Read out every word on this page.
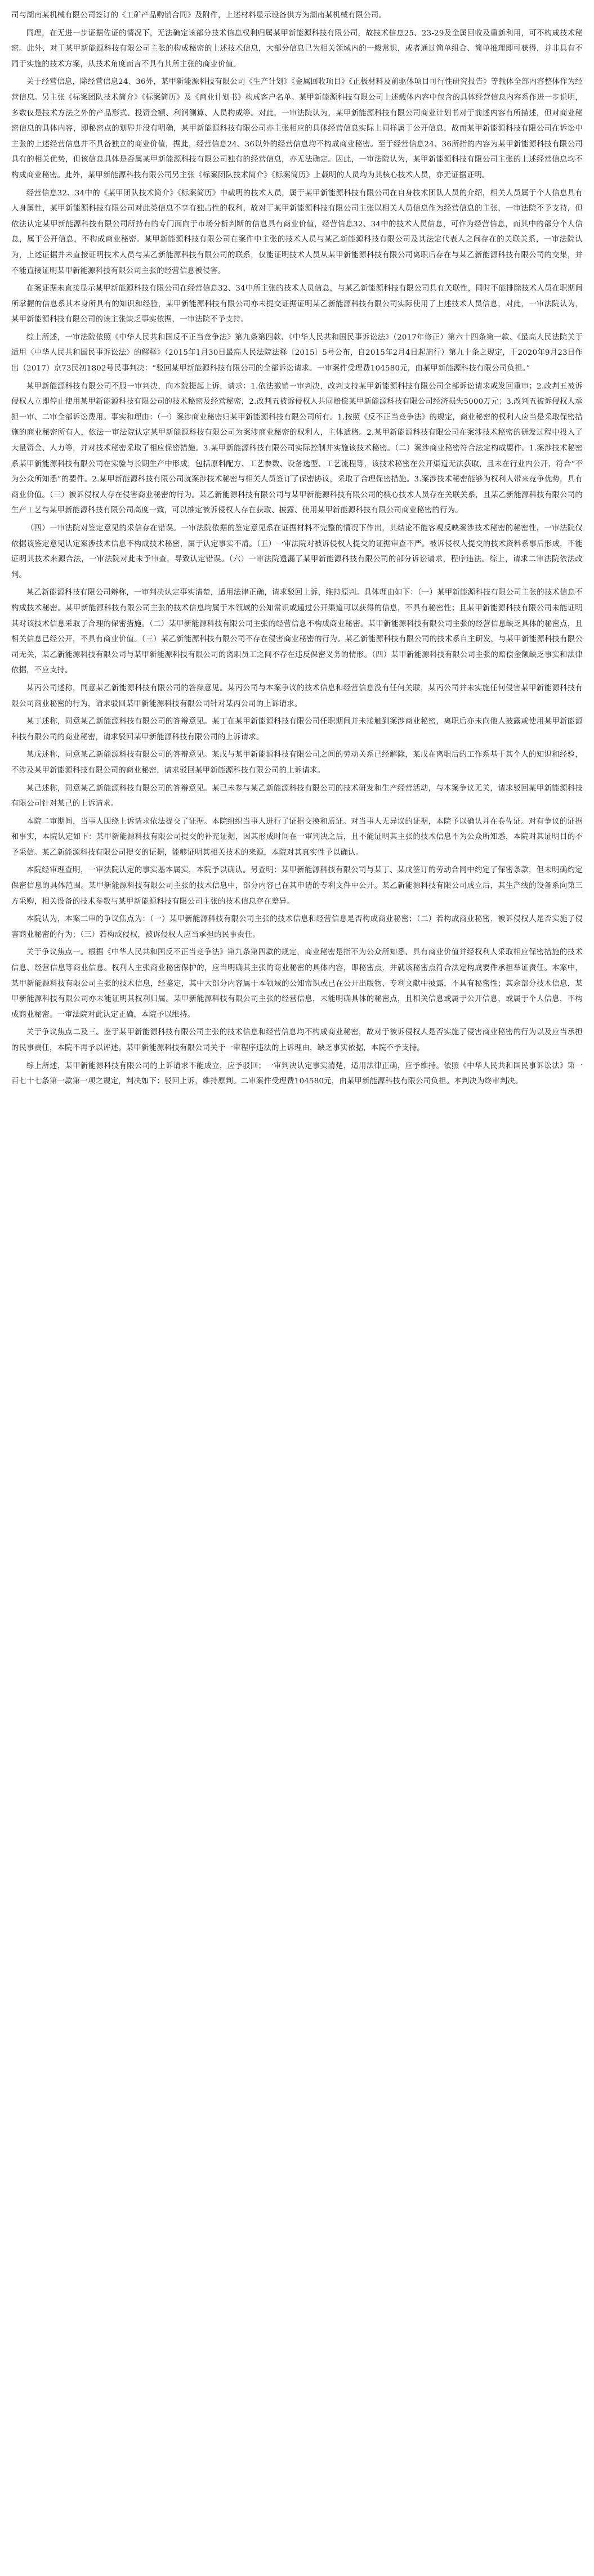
司与湖南某机械有限公司签订的《工矿产品购销合同》及附件，上述材料显示设备供方为湖南某机械有限公司。

同理，在无进一步证据佐证的情况下，无法确定该部分技术信息权利归属某甲新能源科技有限公司，故技术信息25、23-29及金属回收及重新利用，可不构成技术秘密。此外，对于某甲新能源科技有限公司主张的构成秘密的上述技术信息，大部分信息已为相关领域内的一般常识，或者通过简单组合、简单推理即可获得，并非具有不同于实施的技术方案，从技术角度而言不具有其所主张的商业价值。

关于经营信息，除经营信息24、36外，某甲新能源科技有限公司《生产计划》《金属回收项目》《正极材料及前驱体项目可行性研究报告》等载体全部内容整体作为经营信息。另主张《标案团队技术简介》《标案简历》及《商业计划书》构成客户名单。某甲新能源科技有限公司上述载体内容中包含的具体经营信息内容系作进一步说明，多数仅是技术方法之外的产品形式、投资金额、利润测算、人员构成等。对此，一审法院认为，某甲新能源科技有限公司商业计划书对于前述内容有所描述，但对商业秘密信息的具体内容，即秘密点的划界并没有明确，某甲新能源科技有限公司亦主张相应的具体经营信息实际上同样属于公开信息，故而某甲新能源科技有限公司在诉讼中主张的上述经营信息并不具备独立的商业价值，据此，经营信息24、36以外的经营信息均不构成商业秘密。至于经营信息24、36所指的内容为某甲新能源科技有限公司具有的相关优势，但该信息具体是否属某甲新能源科技有限公司独有的经营信息，亦无法确定。因此，一审法院认为，某甲新能源科技有限公司主张的上述经营信息均不构成商业秘密。此外，某甲新能源科技有限公司另主张《标案团队技术简介》《标案简历》上载明的人员均为其核心技术人员，亦无证据证明。

经营信息32、34中的《某甲团队技术简介》《标案简历》中载明的技术人员，属于某甲新能源科技有限公司在自身技术团队人员的介绍，相关人员属于个人信息具有人身属性，某甲新能源科技有限公司对此类信息不享有独占性的权利，故对于某甲新能源科技有限公司主张以相关人员信息作为经营信息的主张，一审法院不予支持，但依法认定某甲新能源科技有限公司所持有的专门面向于市场分析判断的信息具有商业价值，经营信息32、34中的技术人员信息，可作为经营信息，而其中的部分个人信息，属于公开信息，不构成商业秘密。某甲新能源科技有限公司在案件中主张的技术人员与某乙新能源科技有限公司及其法定代表人之间存在的关联关系，一审法院认为，上述证据并未直接证明技术人员与某乙新能源科技有限公司的联系，仅能证明技术人员从某甲新能源科技有限公司离职后存在与某乙新能源科技有限公司的交集，并不能直接证明某甲新能源科技有限公司主张的经营信息被侵害。

在案证据未直接显示某甲新能源科技有限公司在经营信息32、34中所主张的技术人员信息，与某乙新能源科技有限公司具有关联性，同时不能排除技术人员在职期间所掌握的信息系其本身所具有的知识和经验，某甲新能源科技有限公司亦未提交证据证明某乙新能源科技有限公司实际使用了上述技术人员信息，对此，一审法院认为，某甲新能源科技有限公司的该主张缺乏事实依据，一审法院不予支持。

综上所述，一审法院依照《中华人民共和国反不正当竞争法》第九条第四款、《中华人民共和国民事诉讼法》（2017年修正）第六十四条第一款、《最高人民法院关于适用〈中华人民共和国民事诉讼法〉的解释》（2015年1月30日最高人民法院法释〔2015〕5号公布，自2015年2月4日起施行）第九十条之规定，于2020年9月23日作出（2017）京73民初1802号民事判决：“驳回某甲新能源科技有限公司的全部诉讼请求。一审案件受理费104580元，由某甲新能源科技有限公司负担。”

某甲新能源科技有限公司不服一审判决，向本院提起上诉，请求：1.依法撤销一审判决，改判支持某甲新能源科技有限公司全部诉讼请求或发回重审；2.改判五被诉侵权人立即停止使用某甲新能源科技有限公司的技术秘密及经营秘密，2.改判五被诉侵权人共同赔偿某甲新能源科技有限公司经济损失5000万元；3.改判五被诉侵权人承担一审、二审全部诉讼费用。事实和理由：（一）案涉商业秘密归某甲新能源科技有限公司所有。1.按照《反不正当竞争法》的规定，商业秘密的权利人应当是采取保密措施的商业秘密所有人，依法一审法院认定某甲新能源科技有限公司为案涉商业秘密的权利人，主体适格。2.某甲新能源科技有限公司在案涉技术秘密的研发过程中投入了大量资金、人力等，并对技术秘密采取了相应保密措施。3.某甲新能源科技有限公司实际控制并实施该技术秘密。（二）案涉商业秘密符合法定构成要件。1.案涉技术秘密系某甲新能源科技有限公司在实验与长期生产中形成，包括原料配方、工艺参数、设备选型、工艺流程等，该技术秘密在公开渠道无法获取，且未在行业内公开，符合“不为公众所知悉”的要件。2.某甲新能源科技有限公司就案涉技术秘密与相关人员签订了保密协议，采取了合理保密措施。3.案涉技术秘密能够为权利人带来竞争优势，具有商业价值。（三）被诉侵权人存在侵害商业秘密的行为。某乙新能源科技有限公司与某甲新能源科技有限公司的核心技术人员存在关联关系，且某乙新能源科技有限公司的生产工艺与某甲新能源科技有限公司高度一致，可以推定被诉侵权人存在获取、披露、使用某甲新能源科技有限公司商业秘密的行为。

（四）一审法院对鉴定意见的采信存在错误。一审法院依据的鉴定意见系在证据材料不完整的情况下作出，其结论不能客观反映案涉技术秘密的秘密性，一审法院仅依据该鉴定意见认定案涉技术信息不构成技术秘密，属于认定事实不清。（五）一审法院对被诉侵权人提交的证据审查不严。被诉侵权人提交的技术资料系事后形成，不能证明其技术来源合法，一审法院对此未予审查，导致认定错误。（六）一审法院遗漏了某甲新能源科技有限公司的部分诉讼请求，程序违法。综上，请求二审法院依法改判。

某乙新能源科技有限公司辩称，一审判决认定事实清楚，适用法律正确，请求驳回上诉，维持原判。具体理由如下：（一）某甲新能源科技有限公司主张的技术信息不构成技术秘密。某甲新能源科技有限公司主张的技术信息均属于本领域的公知常识或通过公开渠道可以获得的信息，不具有秘密性；且某甲新能源科技有限公司未能证明其对该技术信息采取了合理的保密措施。（二）某甲新能源科技有限公司主张的经营信息不构成商业秘密。某甲新能源科技有限公司主张的经营信息缺乏具体的秘密点，且相关信息已经公开，不具有商业价值。（三）某乙新能源科技有限公司不存在侵害商业秘密的行为。某乙新能源科技有限公司的技术系自主研发，与某甲新能源科技有限公司无关，某乙新能源科技有限公司与某甲新能源科技有限公司的离职员工之间不存在违反保密义务的情形。（四）某甲新能源科技有限公司主张的赔偿金额缺乏事实和法律依据，不应支持。

某丙公司述称，同意某乙新能源科技有限公司的答辩意见。某丙公司与本案争议的技术信息和经营信息没有任何关联，某丙公司并未实施任何侵害某甲新能源科技有限公司商业秘密的行为，请求驳回某甲新能源科技有限公司针对某丙公司的上诉请求。

某丁述称，同意某乙新能源科技有限公司的答辩意见。某丁在某甲新能源科技有限公司任职期间并未接触到案涉商业秘密，离职后亦未向他人披露或使用某甲新能源科技有限公司的商业秘密，请求驳回某甲新能源科技有限公司的上诉请求。

某戊述称，同意某乙新能源科技有限公司的答辩意见。某戊与某甲新能源科技有限公司之间的劳动关系已经解除，某戊在离职后的工作系基于其个人的知识和经验，不涉及某甲新能源科技有限公司的商业秘密，请求驳回某甲新能源科技有限公司的上诉请求。

某己述称，同意某乙新能源科技有限公司的答辩意见。某己未参与某乙新能源科技有限公司的技术研发和生产经营活动，与本案争议无关，请求驳回某甲新能源科技有限公司针对某己的上诉请求。

本院二审期间，当事人围绕上诉请求依法提交了证据。本院组织当事人进行了证据交换和质证。对当事人无异议的证据，本院予以确认并在卷佐证。对有争议的证据和事实，本院认定如下：某甲新能源科技有限公司提交的补充证据，因其形成时间在一审判决之后，且不能证明其主张的技术信息不为公众所知悉，本院对其证明目的不予采信。某乙新能源科技有限公司提交的证据，能够证明其相关技术的来源，本院对其真实性予以确认。

本院经审理查明，一审法院认定的事实基本属实，本院予以确认。另查明：某甲新能源科技有限公司与某丁、某戊签订的劳动合同中约定了保密条款，但未明确约定保密信息的具体范围。某甲新能源科技有限公司主张的技术信息中，部分内容已在其申请的专利文件中公开。某乙新能源科技有限公司成立后，其生产线的设备系向第三方采购，相关设备的技术参数与某甲新能源科技有限公司主张的技术信息存在差异。

本院认为，本案二审的争议焦点为：（一）某甲新能源科技有限公司主张的技术信息和经营信息是否构成商业秘密；（二）若构成商业秘密，被诉侵权人是否实施了侵害商业秘密的行为；（三）若构成侵权，被诉侵权人应当承担的民事责任。

关于争议焦点一。根据《中华人民共和国反不正当竞争法》第九条第四款的规定，商业秘密是指不为公众所知悉、具有商业价值并经权利人采取相应保密措施的技术信息、经营信息等商业信息。权利人主张商业秘密保护的，应当明确其主张的商业秘密的具体内容，即秘密点，并就该秘密点符合法定构成要件承担举证责任。本案中，某甲新能源科技有限公司主张的技术信息，经鉴定，其中大部分内容属于本领域的公知常识或已在公开出版物、专利文献中披露，不具有秘密性；其余部分技术信息，某甲新能源科技有限公司亦未能证明其权利归属。某甲新能源科技有限公司主张的经营信息，未能明确具体的秘密点，且相关信息或属于公开信息，或属于个人信息，不构成商业秘密。一审法院对此认定正确，本院予以维持。

关于争议焦点二及三。鉴于某甲新能源科技有限公司主张的技术信息和经营信息均不构成商业秘密，故对于被诉侵权人是否实施了侵害商业秘密的行为以及应当承担的民事责任，本院不再予以评述。某甲新能源科技有限公司关于一审程序违法的上诉理由，缺乏事实依据，本院不予支持。

综上所述，某甲新能源科技有限公司的上诉请求不能成立，应予驳回；一审判决认定事实清楚，适用法律正确，应予维持。依照《中华人民共和国民事诉讼法》第一百七十七条第一款第一项之规定，判决如下：驳回上诉，维持原判。二审案件受理费104580元，由某甲新能源科技有限公司负担。本判决为终审判决。
